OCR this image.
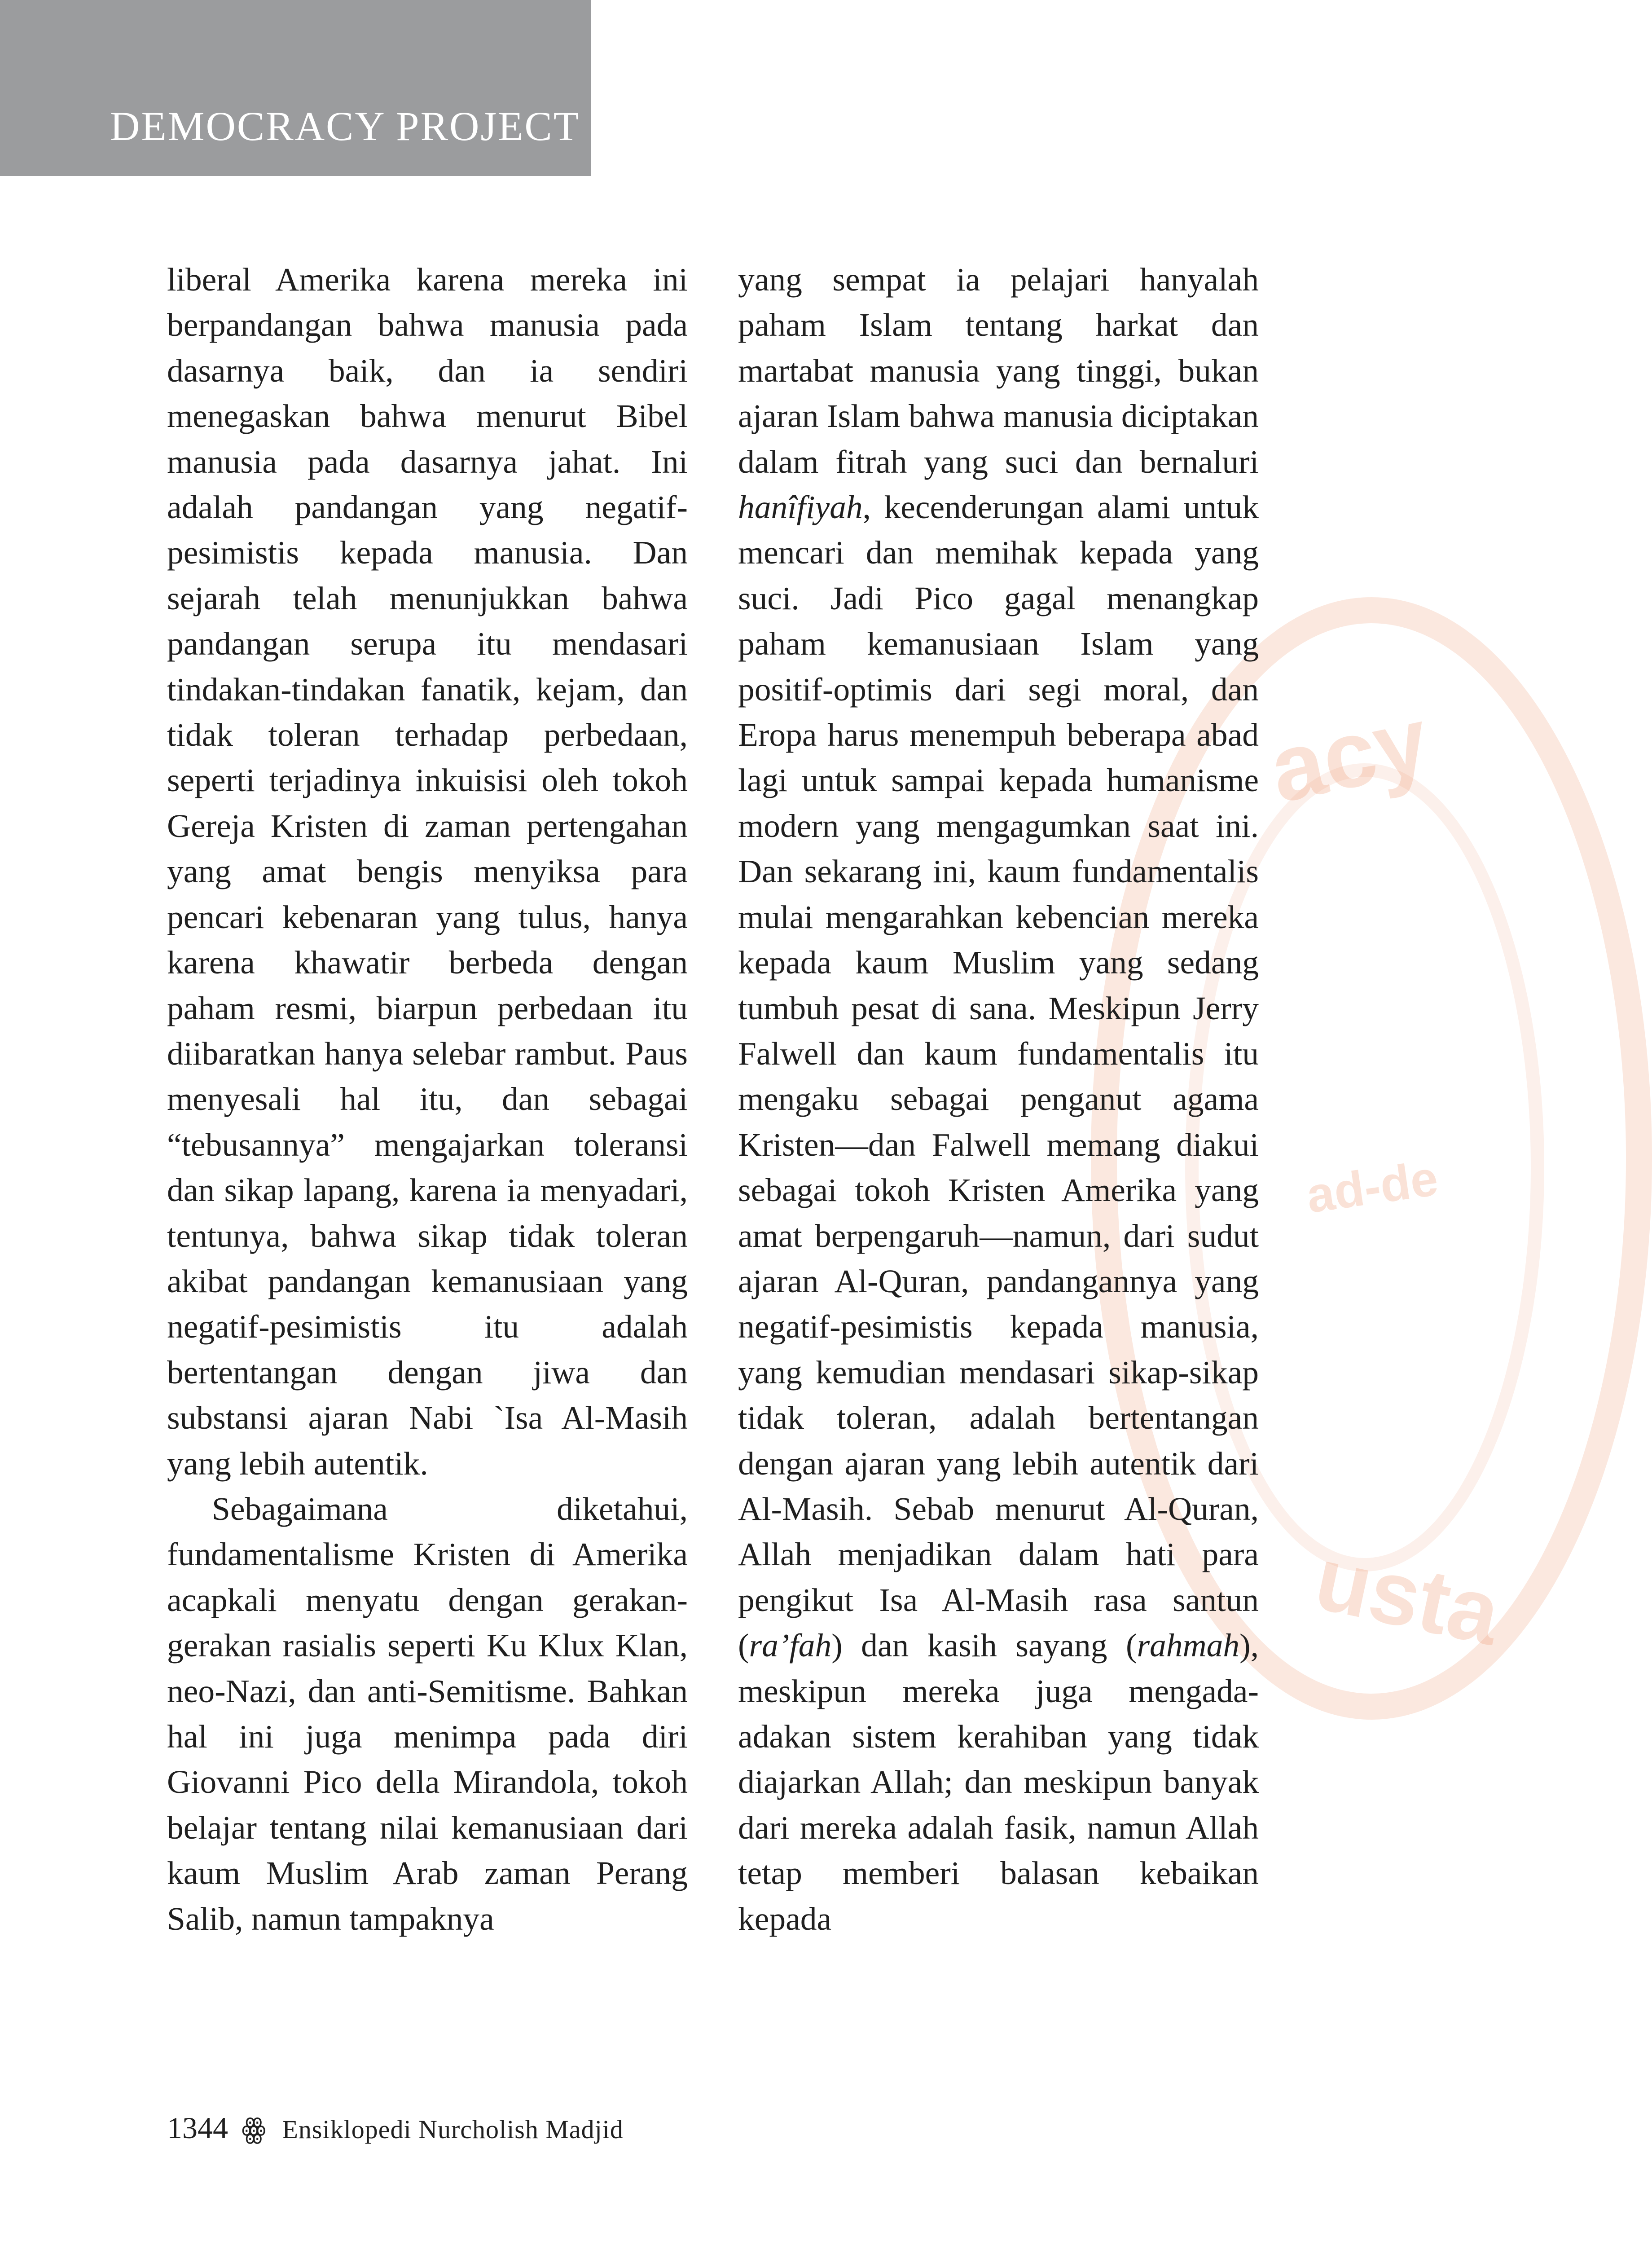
DEMOCRACY PROJECT
acy
ad-de
usta

liberal Amerika karena mereka ini berpandangan bahwa manusia pada dasarnya baik, dan ia sendiri menegaskan bahwa menurut Bibel manusia pada dasarnya jahat. Ini adalah pandangan yang negatif-pesimistis kepada manusia. Dan sejarah telah menunjukkan bahwa pandangan serupa itu mendasari tindakan-tindakan fanatik, kejam, dan tidak toleran terhadap perbedaan, seperti terjadinya inkuisisi oleh tokoh Gereja Kristen di zaman pertengahan yang amat bengis menyiksa para pencari kebenaran yang tulus, hanya karena khawatir berbeda dengan paham resmi, biarpun perbedaan itu diibaratkan hanya selebar rambut. Paus menyesali hal itu, dan sebagai “tebusannya” mengajarkan toleransi dan sikap lapang, karena ia menyadari, tentunya, bahwa sikap tidak toleran akibat pandangan kemanusiaan yang negatif-pesimistis itu adalah bertentangan dengan jiwa dan substansi ajaran Nabi `Isa Al-Masih yang lebih autentik.

Sebagaimana diketahui, fundamentalisme Kristen di Amerika acapkali menyatu dengan gerakan-gerakan rasialis seperti Ku Klux Klan, neo-Nazi, dan anti-Semitisme. Bahkan hal ini juga menimpa pada diri Giovanni Pico della Mirandola, tokoh belajar tentang nilai kemanusiaan dari kaum Muslim Arab zaman Perang Salib, namun tampaknya

yang sempat ia pelajari hanyalah paham Islam tentang harkat dan martabat manusia yang tinggi, bukan ajaran Islam bahwa manusia diciptakan dalam fitrah yang suci dan bernaluri hanîfiyah, kecenderungan alami untuk mencari dan memihak kepada yang suci. Jadi Pico gagal menangkap paham kemanusiaan Islam yang positif-optimis dari segi moral, dan Eropa harus menempuh beberapa abad lagi untuk sampai kepada humanisme modern yang mengagumkan saat ini. Dan sekarang ini, kaum fundamentalis mulai mengarahkan kebencian mereka kepada kaum Muslim yang sedang tumbuh pesat di sana. Meskipun Jerry Falwell dan kaum fundamentalis itu mengaku sebagai penganut agama Kristen—dan Falwell memang diakui sebagai tokoh Kristen Amerika yang amat berpengaruh—namun, dari sudut ajaran Al-Quran, pandangannya yang negatif-pesimistis kepada manusia, yang kemudian mendasari sikap-sikap tidak toleran, adalah bertentangan dengan ajaran yang lebih autentik dari Al-Masih. Sebab menurut Al-Quran, Allah menjadikan dalam hati para pengikut Isa Al-Masih rasa santun (ra’fah) dan kasih sayang (rahmah), meskipun mereka juga mengada-adakan sistem kerahiban yang tidak diajarkan Allah; dan meskipun banyak dari mereka adalah fasik, namun Allah tetap memberi balasan kebaikan kepada

1344 ꙮ Ensiklopedi Nurcholish Madjid
